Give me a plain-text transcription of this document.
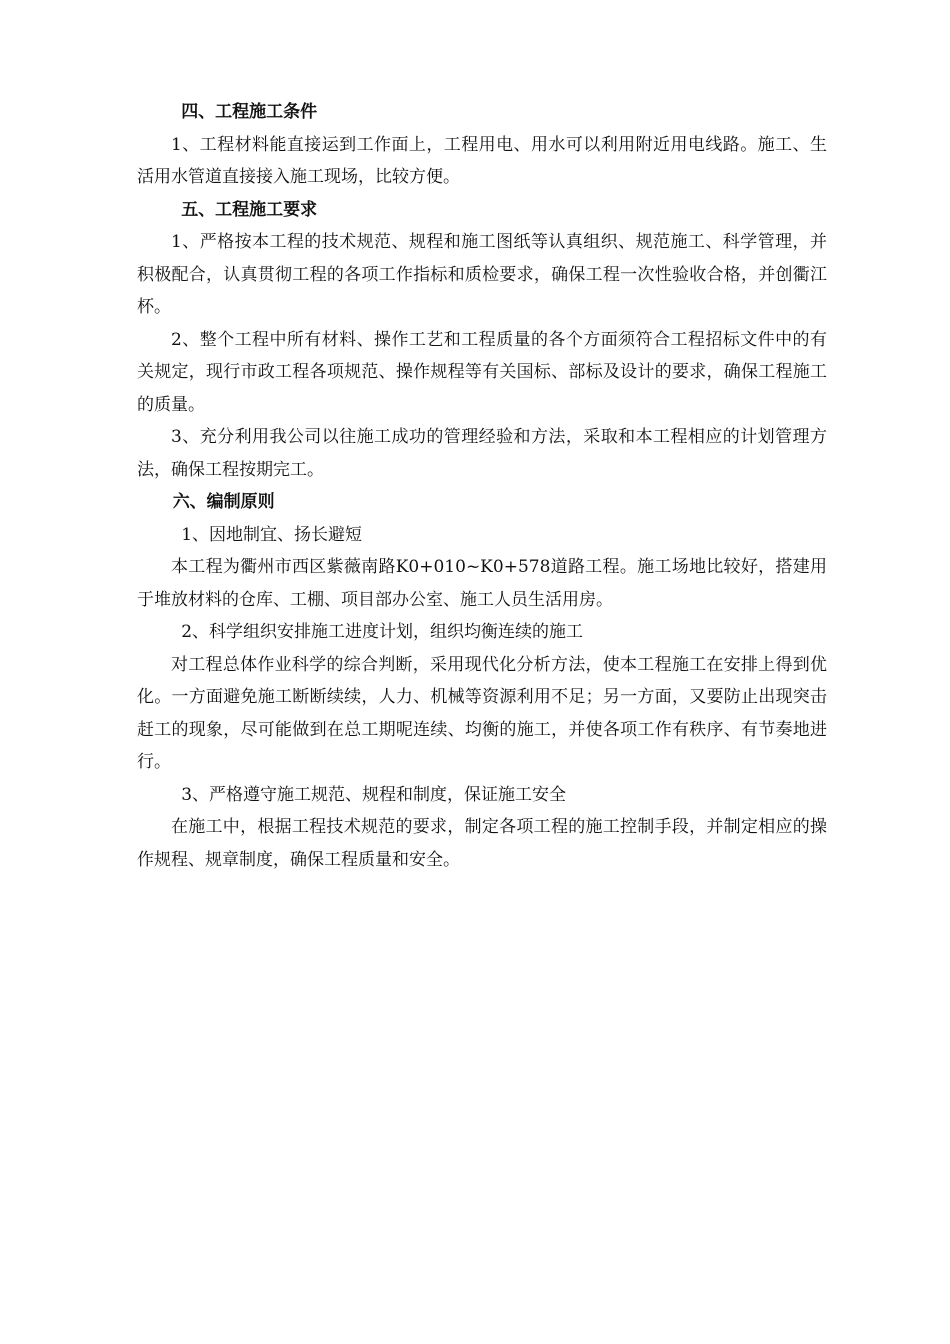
四、工程施工条件

1、工程材料能直接运到工作面上，工程用电、用水可以利用附近用电线路。施工、生活用水管道直接接入施工现场，比较方便。

五、工程施工要求

1、严格按本工程的技术规范、规程和施工图纸等认真组织、规范施工、科学管理，并积极配合，认真贯彻工程的各项工作指标和质检要求，确保工程一次性验收合格，并创衢江杯。

2、整个工程中所有材料、操作工艺和工程质量的各个方面须符合工程招标文件中的有关规定，现行市政工程各项规范、操作规程等有关国标、部标及设计的要求，确保工程施工的质量。

3、充分利用我公司以往施工成功的管理经验和方法，采取和本工程相应的计划管理方法，确保工程按期完工。

六、编制原则

1、因地制宜、扬长避短

本工程为衢州市西区紫薇南路K0+010~K0+578道路工程。施工场地比较好，搭建用于堆放材料的仓库、工棚、项目部办公室、施工人员生活用房。

2、科学组织安排施工进度计划，组织均衡连续的施工

对工程总体作业科学的综合判断，采用现代化分析方法，使本工程施工在安排上得到优化。一方面避免施工断断续续，人力、机械等资源利用不足；另一方面，又要防止出现突击赶工的现象，尽可能做到在总工期呢连续、均衡的施工，并使各项工作有秩序、有节奏地进行。

3、严格遵守施工规范、规程和制度，保证施工安全

在施工中，根据工程技术规范的要求，制定各项工程的施工控制手段，并制定相应的操作规程、规章制度，确保工程质量和安全。
